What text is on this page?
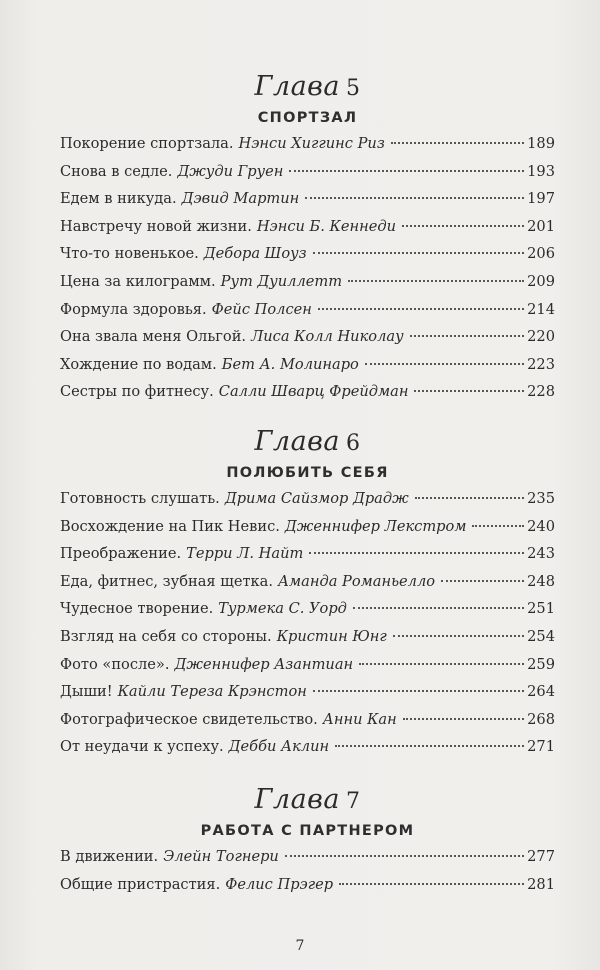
Глава 5
СПОРТЗАЛ
Покорение спортзала. Нэнси Хиггинс Риз	189
Снова в седле. Джуди Груен	193
Едем в никуда. Дэвид Мартин	197
Навстречу новой жизни. Нэнси Б. Кеннеди	201
Что-то новенькое. Дебора Шоуз	206
Цена за килограмм. Рут Дуиллетт	209
Формула здоровья. Фейс Полсен	214
Она звала меня Ольгой. Лиса Колл Николау	220
Хождение по водам. Бет А. Молинаро	223
Сестры по фитнесу. Салли Шварц Фрейдман	228
Глава 6
ПОЛЮБИТЬ СЕБЯ
Готовность слушать. Дрима Сайзмор Драдж	235
Восхождение на Пик Невис. Дженнифер Лекстром	240
Преображение. Терри Л. Найт	243
Еда, фитнес, зубная щетка. Аманда Романьелло	248
Чудесное творение. Турмека С. Уорд	251
Взгляд на себя со стороны. Кристин Юнг	254
Фото «после». Дженнифер Азантиан	259
Дыши! Кайли Тереза Крэнстон	264
Фотографическое свидетельство. Анни Кан	268
От неудачи к успеху. Дебби Аклин	271
Глава 7
РАБОТА С ПАРТНЕРОМ
В движении. Элейн Тогнери	277
Общие пристрастия. Фелис Прэгер	281
7
